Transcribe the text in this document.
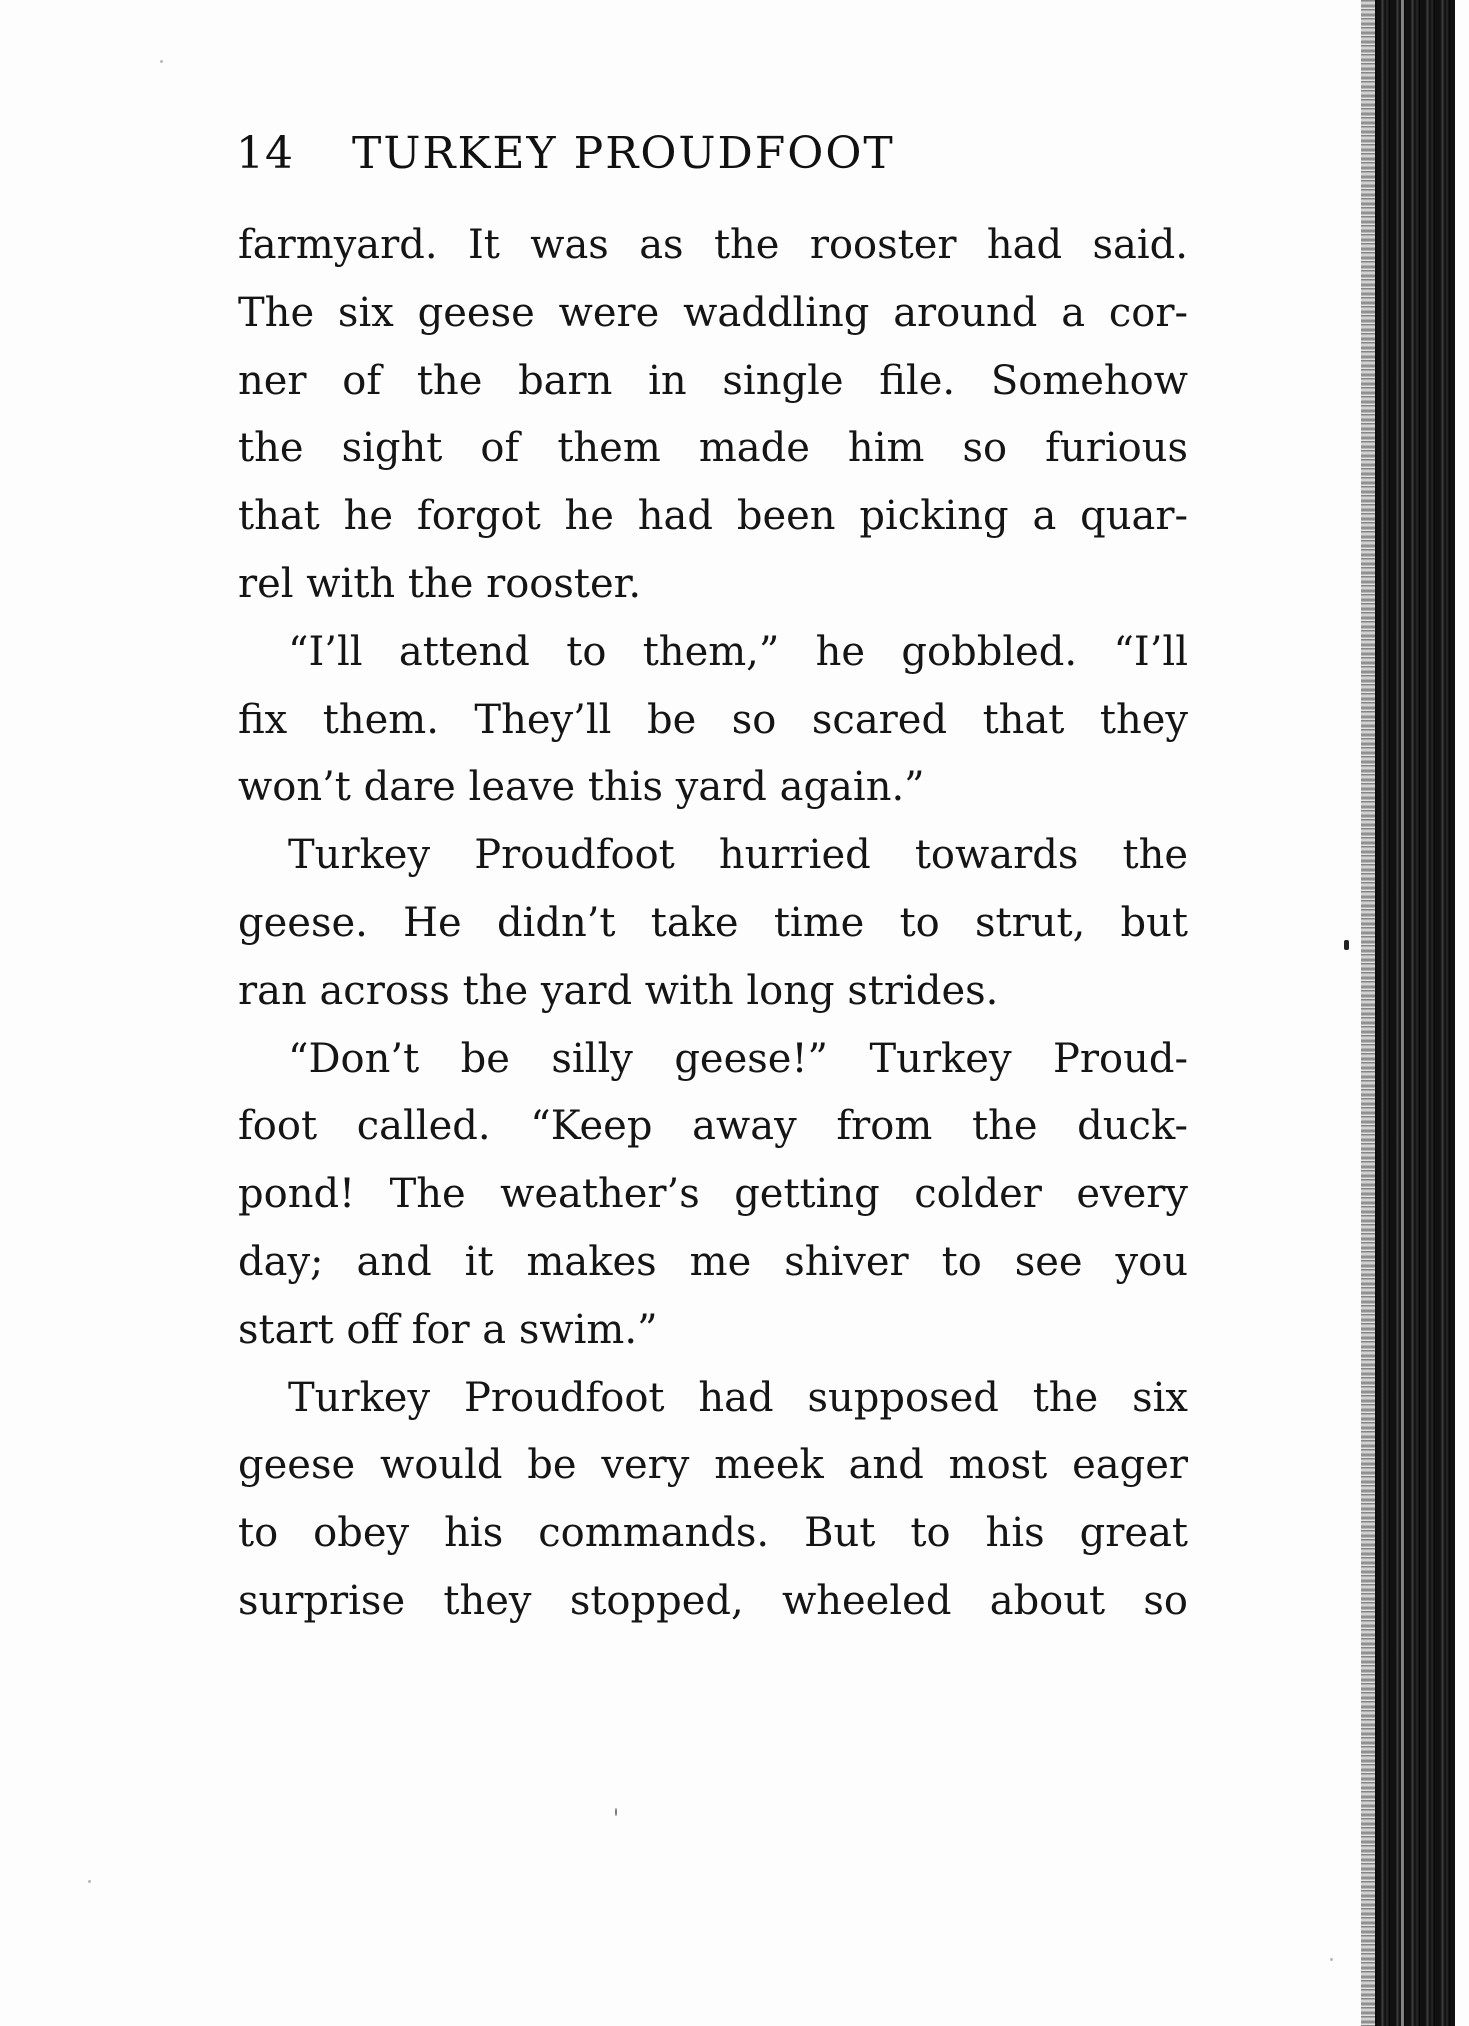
14 TURKEY PROUDFOOT
farmyard. It was as the rooster had said.
The six geese were waddling around a cor-
ner of the barn in single file. Somehow
the sight of them made him so furious
that he forgot he had been picking a quar-
rel with the rooster.
“I’ll attend to them,” he gobbled. “I’ll
fix them. They’ll be so scared that they
won’t dare leave this yard again.”
Turkey Proudfoot hurried towards the
geese. He didn’t take time to strut, but
ran across the yard with long strides.
“Don’t be silly geese!” Turkey Proud-
foot called. “Keep away from the duck-
pond! The weather’s getting colder every
day; and it makes me shiver to see you
start off for a swim.”
Turkey Proudfoot had supposed the six
geese would be very meek and most eager
to obey his commands. But to his great
surprise they stopped, wheeled about so
